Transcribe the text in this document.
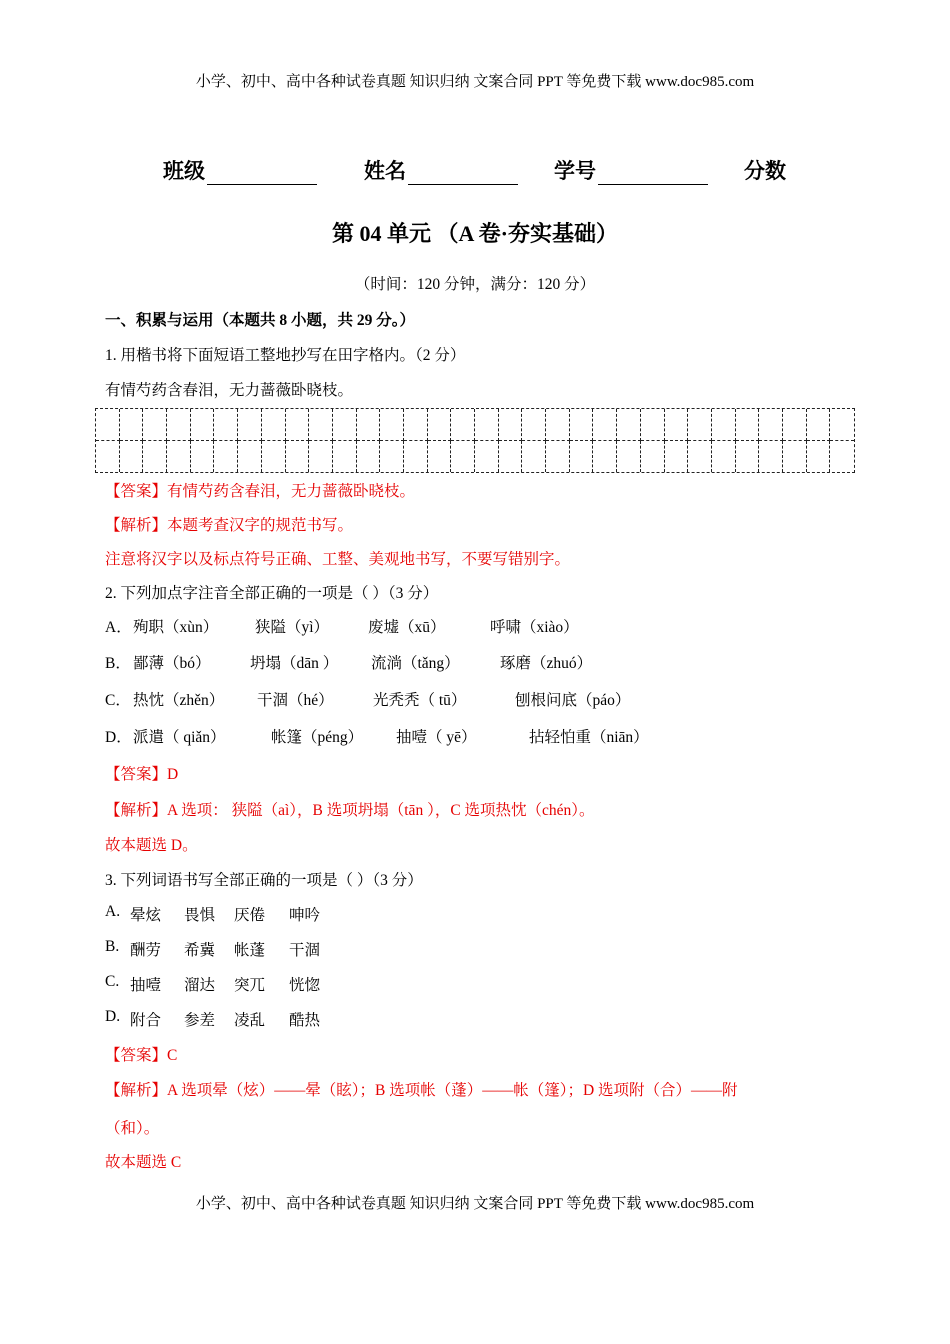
小学、初中、高中各种试卷真题 知识归纳 文案合同 PPT 等免费下载 www.doc985.com
班级	姓名	学号	分数
第 04 单元 （A 卷·夯实基础）
（时间：120 分钟，满分：120 分）
一、积累与运用（本题共 8 小题，共 29 分。）
1. 用楷书将下面短语工整地抄写在田字格内。（2 分）
有情芍药含春泪，无力蔷薇卧晓枝。
【答案】有情芍药含春泪，无力蔷薇卧晓枝。
【解析】本题考查汉字的规范书写。
注意将汉字以及标点符号正确、工整、美观地书写，不要写错别字。
2. 下列加点字注音全部正确的一项是（ ）（3 分）
A． 殉职（xùn） 狭隘（yì）	废墟（xū）	呼啸（xiào）
B． 鄙薄（bó）	坍塌（dān ） 流淌（tǎng）	琢磨（zhuó）
C． 热忱（zhěn） 干涸（hé）	光秃秃（ tū）	刨根问底（páo）
D． 派遣（ qiǎn）	帐篷（péng） 抽噎（ yē）	拈轻怕重（niān）
【答案】D
【解析】A 选项： 狭隘（aì），B 选项坍塌（tān ），C 选项热忱（chén）。
故本题选 D。
3. 下列词语书写全部正确的一项是（ ）（3 分）
A. 晕炫 畏惧 厌倦 呻吟
B. 酬劳 希冀 帐蓬 干涸
C. 抽噎 溜达 突兀 恍惚
D. 附合 参差 凌乱 酷热
【答案】C
【解析】A 选项晕（炫）——晕（眩）；B 选项帐（蓬）——帐（篷）；D 选项附（合）——附
（和）。
故本题选 C
小学、初中、高中各种试卷真题 知识归纳 文案合同 PPT 等免费下载 www.doc985.com
